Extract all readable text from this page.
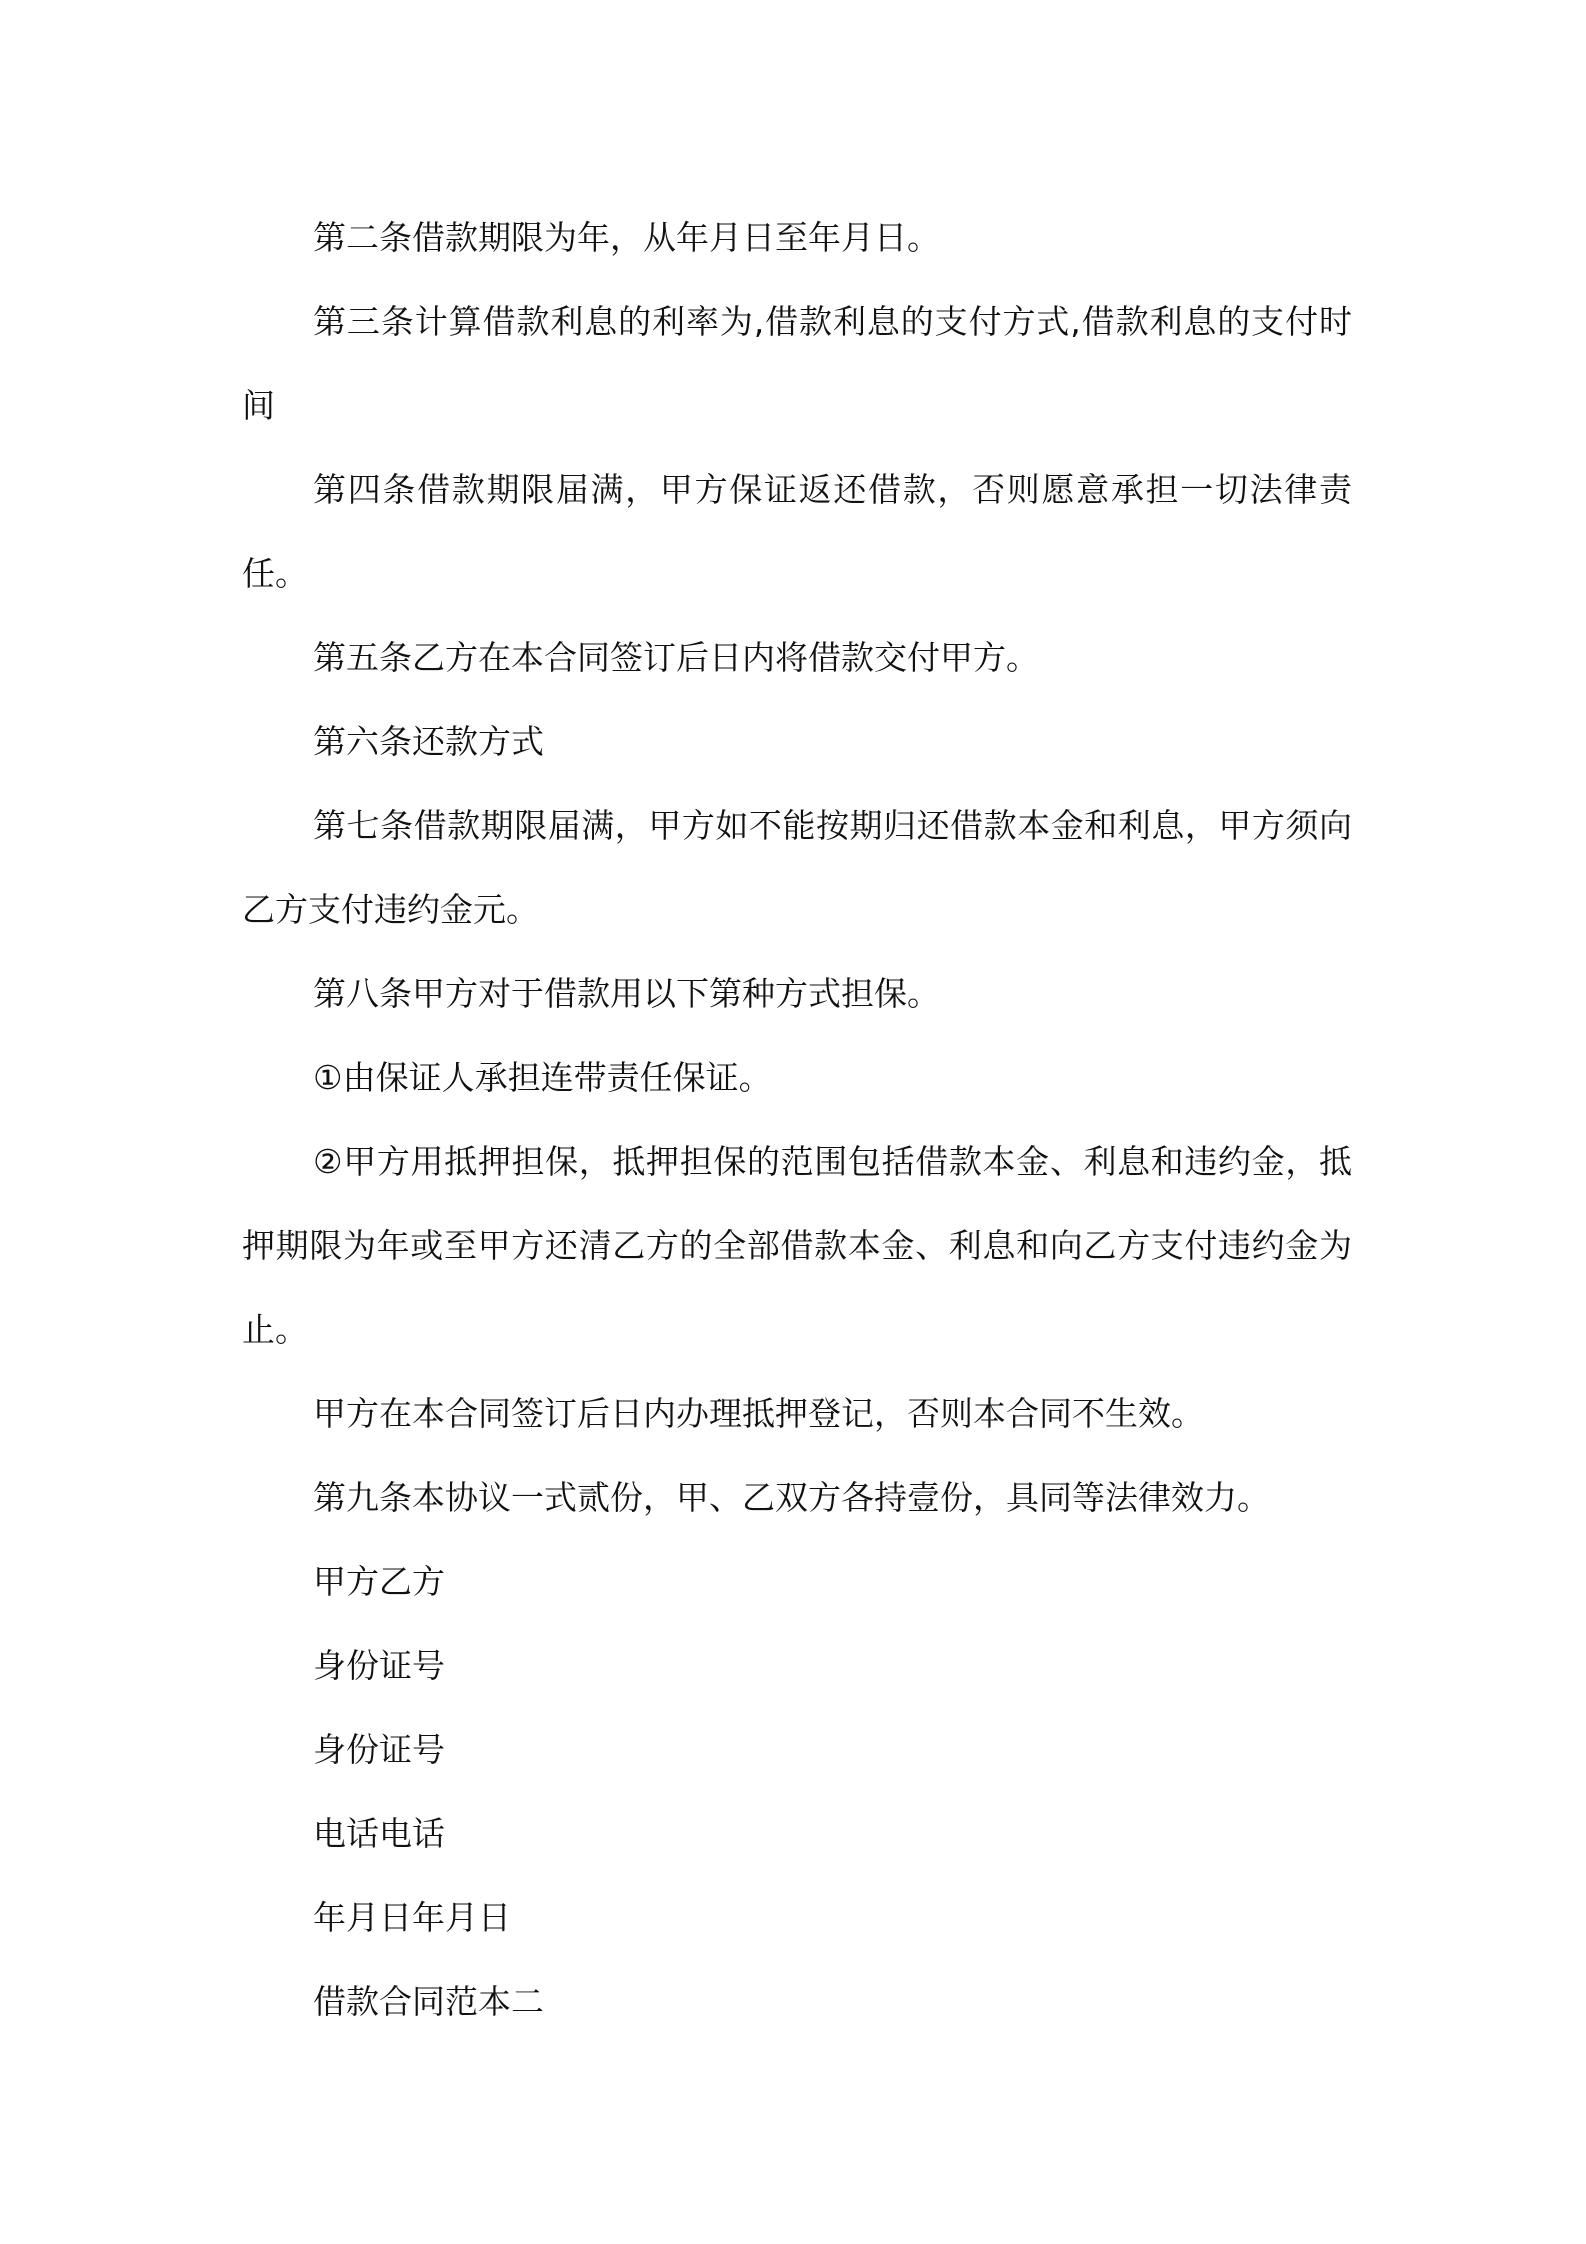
第二条借款期限为年，从年月日至年月日。

第三条计算借款利息的利率为,借款利息的支付方式,借款利息的支付时间

第四条借款期限届满，甲方保证返还借款，否则愿意承担一切法律责任。

第五条乙方在本合同签订后日内将借款交付甲方。

第六条还款方式

第七条借款期限届满，甲方如不能按期归还借款本金和利息，甲方须向乙方支付违约金元。

第八条甲方对于借款用以下第种方式担保。

①由保证人承担连带责任保证。

②甲方用抵押担保，抵押担保的范围包括借款本金、利息和违约金，抵押期限为年或至甲方还清乙方的全部借款本金、利息和向乙方支付违约金为止。

甲方在本合同签订后日内办理抵押登记，否则本合同不生效。

第九条本协议一式贰份，甲、乙双方各持壹份，具同等法律效力。

甲方乙方

身份证号

身份证号

电话电话

年月日年月日

借款合同范本二
